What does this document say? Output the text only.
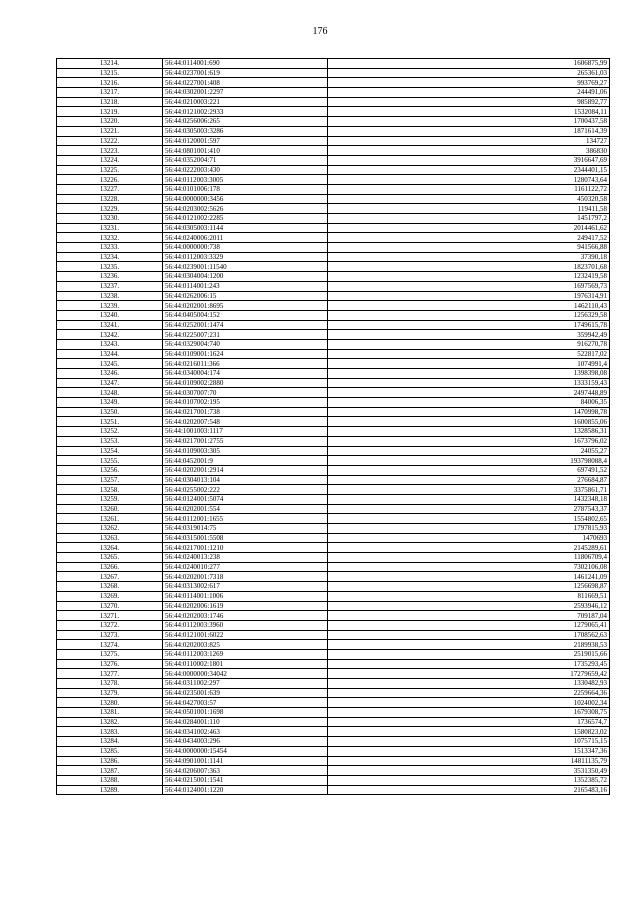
176
13214.	56:44:0114001:690	1606875,99
13215.	56:44:0237001:619	265361,03
13216.	56:44:0227001:408	993769,27
13217.	56:44:0302001:2297	244491,06
13218.	56:44:0210003:221	985892,77
13219.	56:44:0121002:2933	1532084,11
13220.	56:44:0256006:265	1700437,58
13221.	56:44:0305003:3286	1871614,39
13222.	56:44:0120001:597	134727
13223.	56:44:0801001:410	386830
13224.	56:44:0352004:71	3916647,69
13225.	56:44:0222003:430	2344401,15
13226.	56:44:0112003:3005	1280743,64
13227.	56:44:0101006:178	1161122,72
13228.	56:44:0000000:3456	450320,58
13229.	56:44:0203002:5626	119411,58
13230.	56:44:0121002:2285	1451797,2
13231.	56:44:0305003:1144	2014461,62
13232.	56:44:0240006:2011	249417,52
13233.	56:44:0000000:738	941566,88
13234.	56:44:0112003:3329	37390,18
13235.	56:44:0239001:11540	1823701,68
13236.	56:44:0304004:1200	1232419,58
13237.	56:44:0114001:243	1697569,73
13238.	56:44:0262006:15	1976314,91
13239.	56:44:0202001:8695	1462110,43
13240.	56:44:0405004:152	1256329,58
13241.	56:44:0252001:1474	1749615,78
13242.	56:44:0225007:231	359942,49
13243.	56:44:0329004:740	916270,78
13244.	56:44:0109001:1624	522817,02
13245.	56:44:0216011:366	1074991,4
13246.	56:44:0340004:174	1398398,08
13247.	56:44:0109002:2880	1333159,43
13248.	56:44:0307007:70	2497448,89
13249.	56:44:0107002:195	84006,35
13250.	56:44:0217001:738	1470998,78
13251.	56:44:0202007:548	1600855,06
13252.	56:44:1001003:1117	1328586,31
13253.	56:44:0217001:2755	1673796,02
13254.	56:44:0109003:305	24055,27
13255.	56:44:0452001:9	193798088,4
13256.	56:44:0202001:2914	697491,52
13257.	56:44:0304013:104	276684,87
13258.	56:44:0255002:222	3375861,71
13259.	56:44:0124001:5074	1432348,18
13260.	56:44:0202001:554	2787543,37
13261.	56:44:0112001:1655	1554802,65
13262.	56:44:0319014:75	1797815,93
13263.	56:44:0315001:5508	1470693
13264.	56:44:0217001:1210	2145289,61
13265.	56:44:0240013:238	11806709,4
13266.	56:44:0240010:277	7302106,08
13267.	56:44:0202001:7318	1461241,09
13268.	56:44:0313002:617	1256698,87
13269.	56:44:0114001:1006	811669,51
13270.	56:44:0202006:1619	2593946,12
13271.	56:44:0202003:1746	709187,04
13272.	56:44:0112003:3960	1279065,41
13273.	56:44:0121001:6022	1708562,63
13274.	56:44:0202003:825	2189938,53
13275.	56:44:0112003:1269	2519015,66
13276.	56:44:0110002:1801	1735293,45
13277.	56:44:0000000:34042	17279659,42
13278.	56:44:0311002:297	1330482,93
13279.	56:44:0235001:639	2259664,36
13280.	56:44:0427003:57	1024002,34
13281.	56:44:0501001:1698	1679308,75
13282.	56:44:0284001:110	1736574,7
13283.	56:44:0341002:463	1580823,02
13284.	56:44:0434003:296	1075715,15
13285.	56:44:0000000:15454	1513347,36
13286.	56:44:0901001:1141	14811135,79
13287.	56:44:0206007:363	3531350,49
13288.	56:44:0215001:1541	1352385,72
13289.	56:44:0124001:1220	2165483,16
